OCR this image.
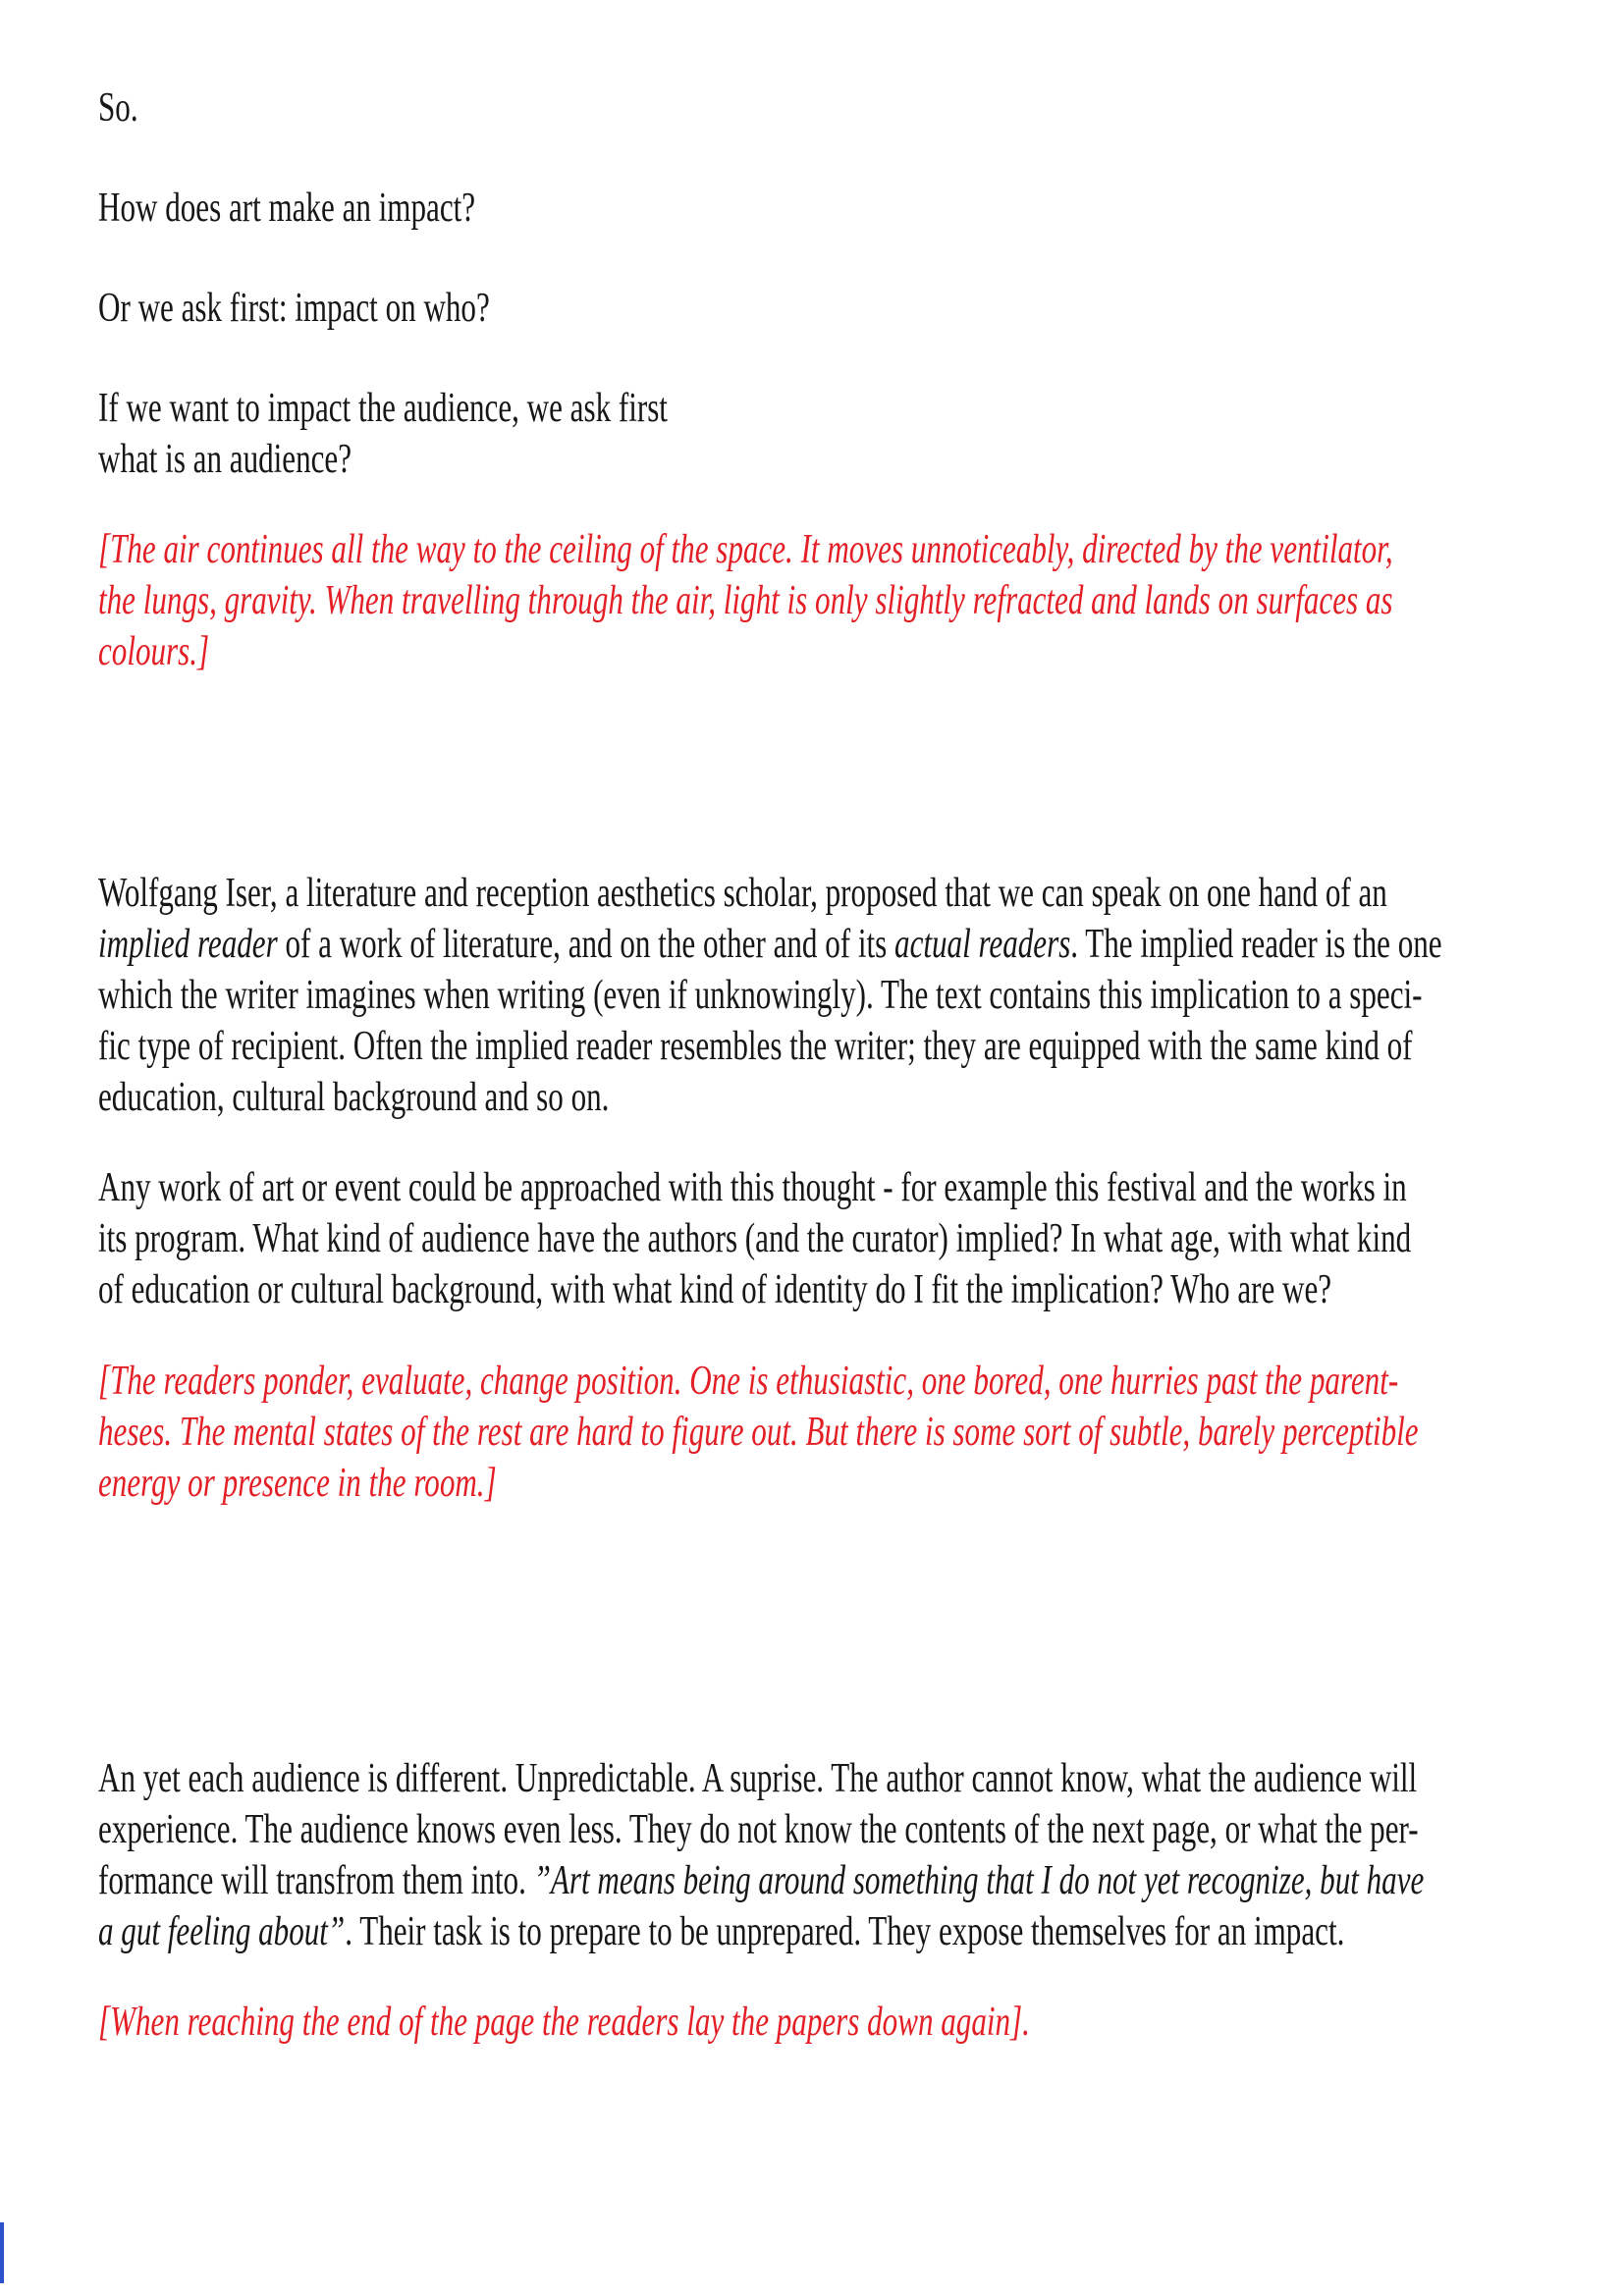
So.
How does art make an impact?
Or we ask first: impact on who?
If we want to impact the audience, we ask first
what is an audience?
[The air continues all the way to the ceiling of the space. It moves unnoticeably, directed by the ventilator,
the lungs, gravity. When travelling through the air, light is only slightly refracted and lands on surfaces as
colours.]
Wolfgang Iser, a literature and reception aesthetics scholar, proposed that we can speak on one hand of an
implied reader of a work of literature, and on the other and of its actual readers. The implied reader is the one
which the writer imagines when writing (even if unknowingly). The text contains this implication to a speci-
fic type of recipient. Often the implied reader resembles the writer; they are equipped with the same kind of
education, cultural background and so on.
Any work of art or event could be approached with this thought - for example this festival and the works in
its program. What kind of audience have the authors (and the curator) implied? In what age, with what kind
of education or cultural background, with what kind of identity do I fit the implication? Who are we?
[The readers ponder, evaluate, change position. One is ethusiastic, one bored, one hurries past the parent-
heses. The mental states of the rest are hard to figure out. But there is some sort of subtle, barely perceptible
energy or presence in the room.]
An yet each audience is different. Unpredictable. A suprise. The author cannot know, what the audience will
experience. The audience knows even less. They do not know the contents of the next page, or what the per-
formance will transfrom them into. ”Art means being around something that I do not yet recognize, but have
a gut feeling about”. Their task is to prepare to be unprepared. They expose themselves for an impact.
[When reaching the end of the page the readers lay the papers down again].
